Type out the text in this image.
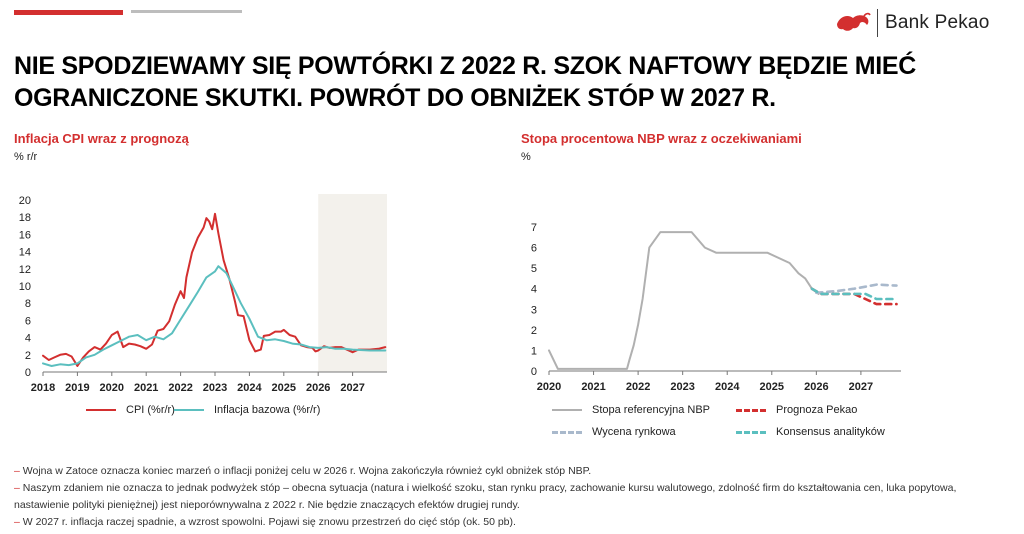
Bank Pekao
NIE SPODZIEWAMY SIĘ POWTÓRKI Z 2022 R. SZOK NAFTOWY BĘDZIE MIEĆ OGRANICZONE SKUTKI. POWRÓT DO OBNIŻEK STÓP W 2027 R.
Inflacja CPI wraz z prognozą
% r/r
0
2
4
6
8
10
12
14
16
18
20
2018 2019 2020 2021 2022 2023 2024 2025 2026 2027
CPI (%r/r)	Inflacja bazowa (%r/r)
Stopa procentowa NBP wraz z oczekiwaniami
%
0
1
2
3
4
5
6
7
2020 2021 2022 2023 2024 2025 2026 2027
Stopa referencyjna NBP	Prognoza Pekao
Wycena rynkowa	Konsensus analityków

– Wojna w Zatoce oznacza koniec marzeń o inflacji poniżej celu w 2026 r. Wojna zakończyła również cykl obniżek stóp NBP.

– Naszym zdaniem nie oznacza to jednak podwyżek stóp – obecna sytuacja (natura i wielkość szoku, stan rynku pracy, zachowanie kursu walutowego, zdolność firm do kształtowania cen, luka popytowa, nastawienie polityki pieniężnej) jest nieporównywalna z 2022 r. Nie będzie znaczących efektów drugiej rundy.

– W 2027 r. inflacja raczej spadnie, a wzrost spowolni. Pojawi się znowu przestrzeń do cięć stóp (ok. 50 pb).
